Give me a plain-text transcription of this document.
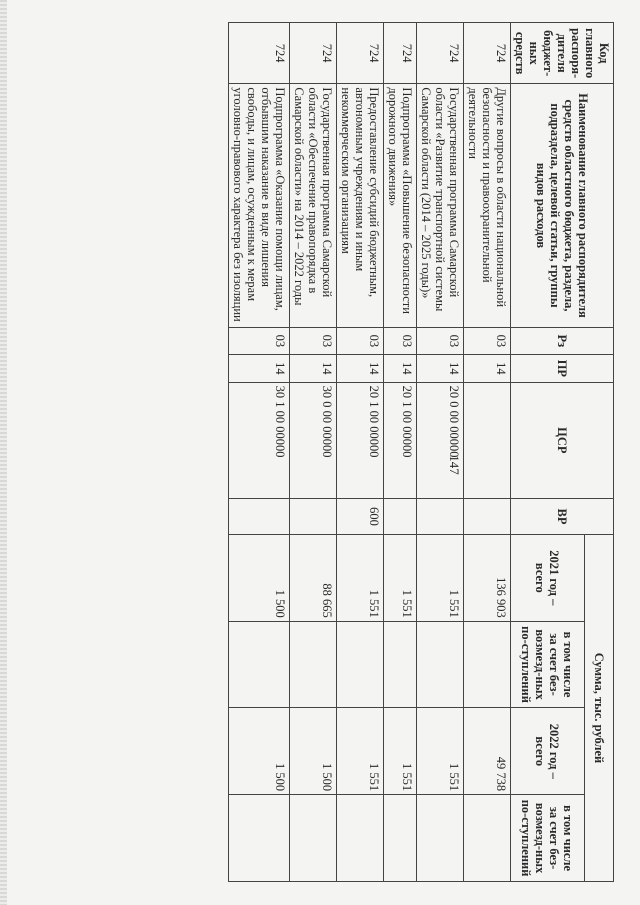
147
Код главного распоря-дителя бюджет-ных средств	Наименование главного распорядителя средств областного бюджета, раздела, подраздела, целевой статьи, группы видов расходов	Рз	ПР	ЦСР	ВР	Сумма, тыс. рублей			
						2021 год – всего	в том числе за счет без-возмезд-ных по-ступлений	2022 год – всего	в том числе за счет без-возмезд-ных по-ступлений

724	Другие вопросы в области национальной безопасности и правоохранительной деятельности	03	14			136 903		49 738	
724	Государственная программа Самарской области «Развитие транспортной системы Самарской области (2014 – 2025 годы)»	03	14	20 0 00 00000		1 551		1 551	
724	Подпрограмма «Повышение безопасности дорожного движения»	03	14	20 1 00 00000		1 551		1 551	
724	Предоставление субсидий бюджетным, автономным учреждениям и иным некоммерческим организациям	03	14	20 1 00 00000	600	1 551		1 551	
724	Государственная программа Самарской области «Обеспечение правопорядка в Самарской области» на 2014 – 2022 годы	03	14	30 0 00 00000		88 665		1 500	
724	Подпрограмма «Оказание помощи лицам, отбывшим наказание в виде лишения свободы, и лицам, осужденным к мерам уголовно-правового характера без изоляции	03	14	30 1 00 00000		1 500		1 500	
